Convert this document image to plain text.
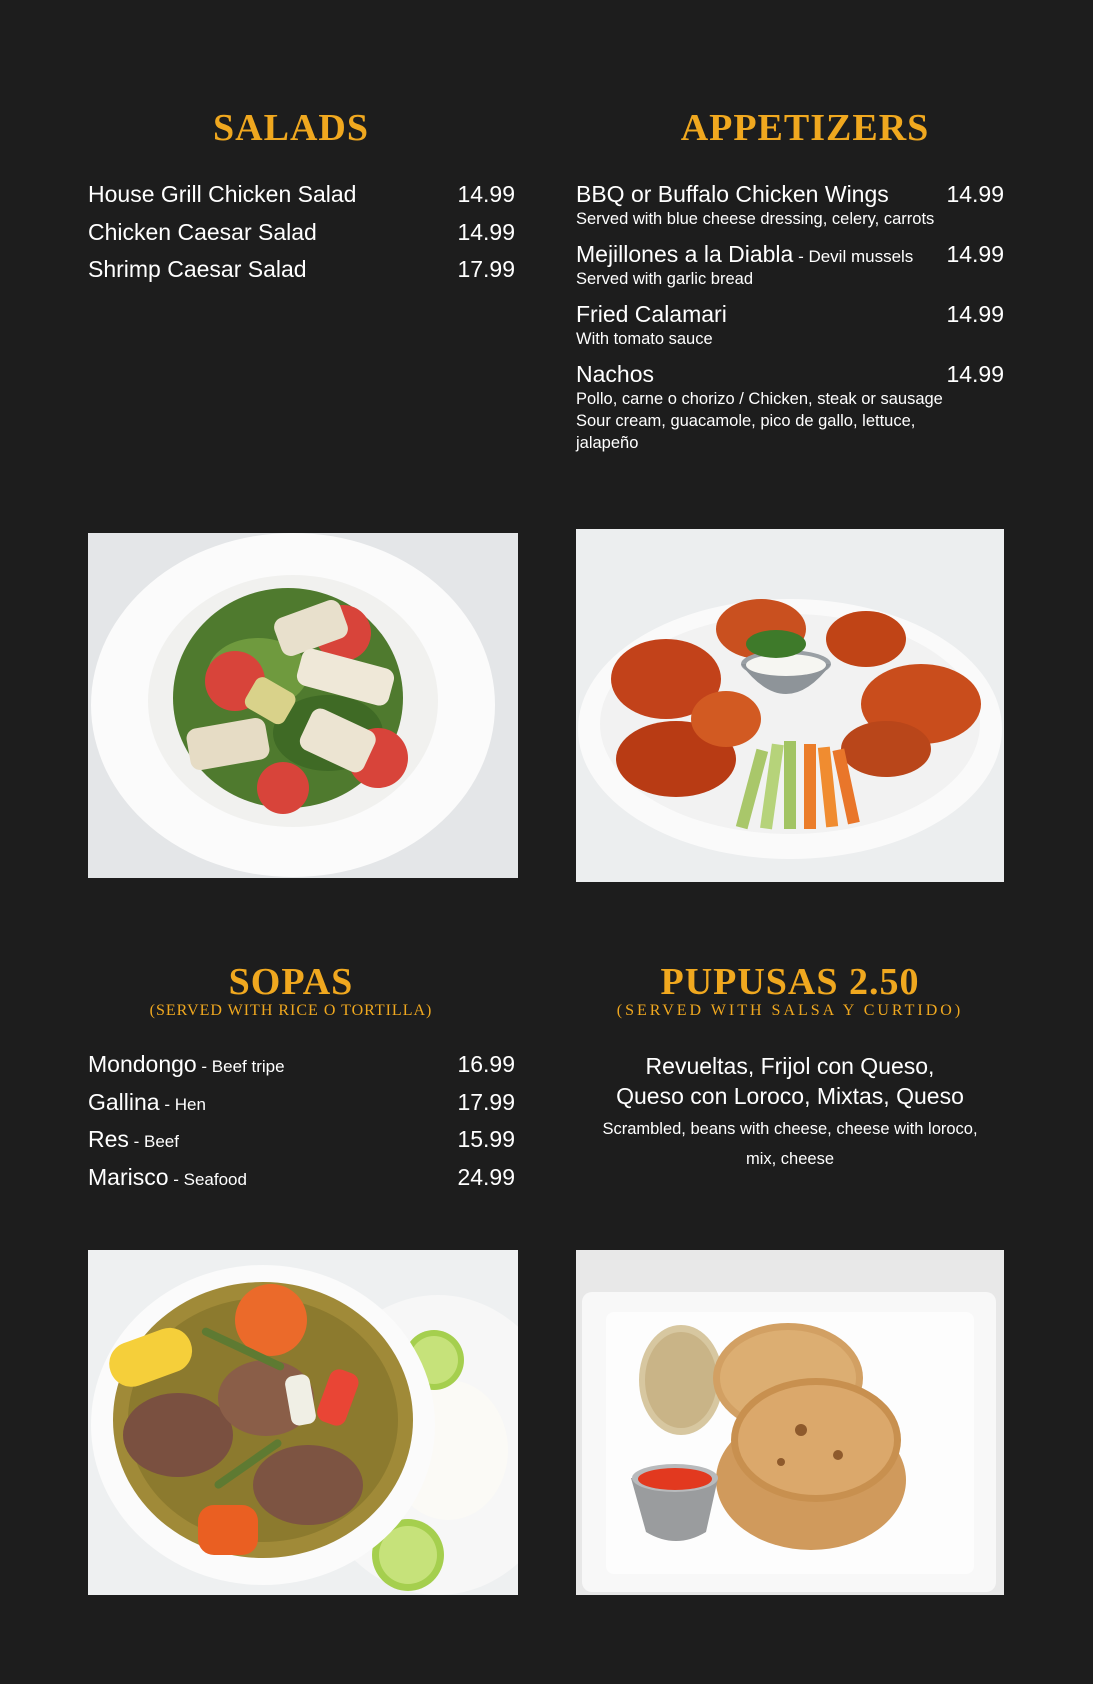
SALADS
House Grill Chicken Salad	14.99
Chicken Caesar Salad	14.99
Shrimp Caesar Salad	17.99
APPETIZERS
BBQ or Buffalo Chicken Wings	14.99
Served with blue cheese dressing, celery, carrots
Mejillones a la Diabla - Devil mussels 14.99
Served with garlic bread
Fried Calamari	14.99
With tomato sauce
Nachos	14.99
Pollo, carne o chorizo / Chicken, steak or sausage
Sour cream, guacamole, pico de gallo, lettuce,
jalapeño
SOPAS
(SERVED WITH RICE O TORTILLA)
Mondongo - Beef tripe	16.99
Gallina - Hen	17.99
Res - Beef	15.99
Marisco - Seafood	24.99
PUPUSAS 2.50
(SERVED WITH SALSA Y CURTIDO)
Revueltas, Frijol con Queso,
Queso con Loroco, Mixtas, Queso
Scrambled, beans with cheese, cheese with loroco,
mix, cheese
